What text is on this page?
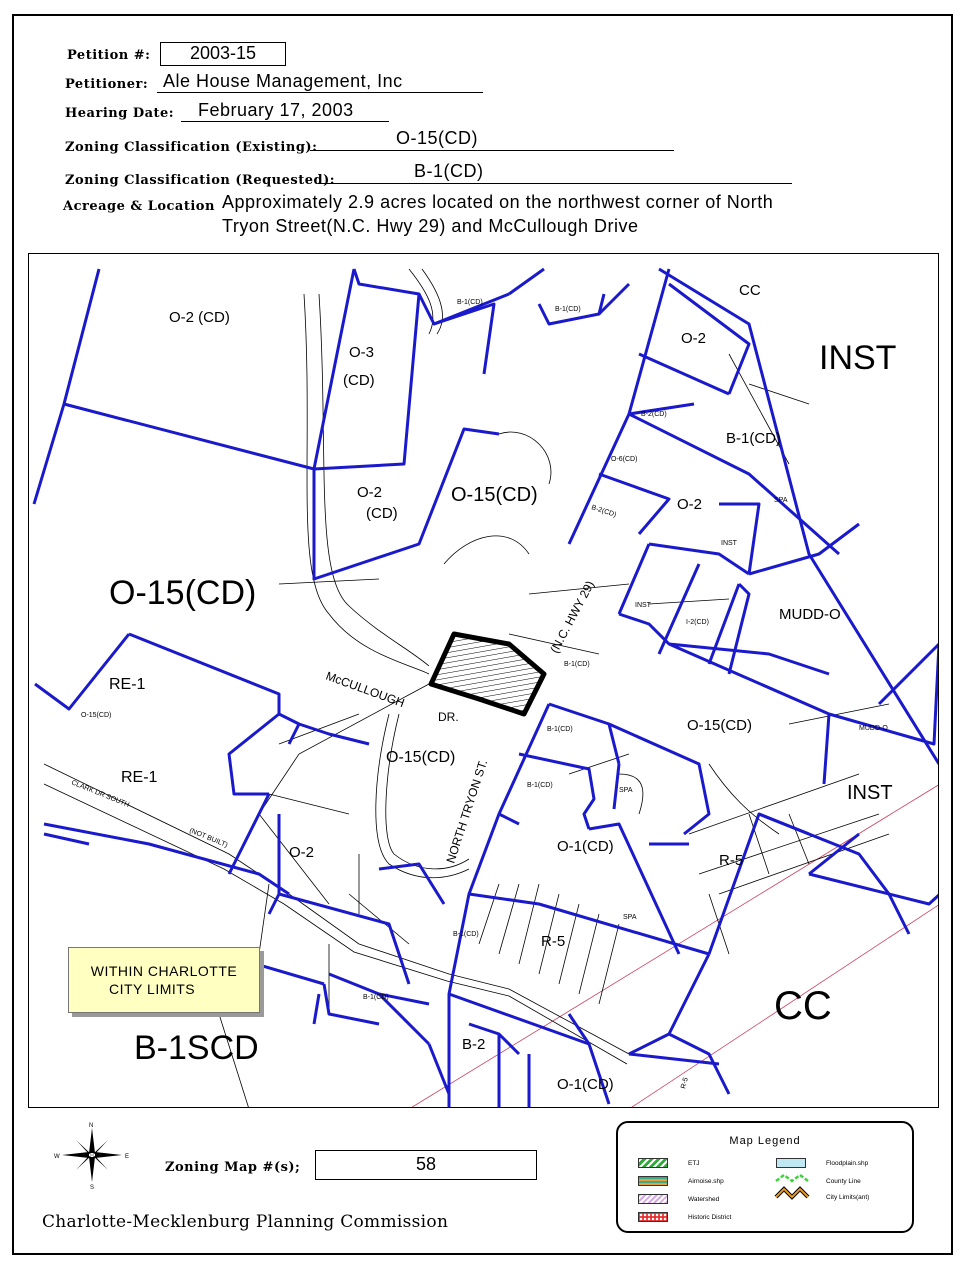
Petition #:	2003-15
Petitioner: Ale House Management, Inc
Hearing Date: February 17, 2003
Zoning Classification (Existing):	O-15(CD)
Zoning Classification (Requested):	B-1(CD)
Acreage & Location Approximately 2.9 acres located on the northwest corner of North
Tryon Street(N.C. Hwy 29) and McCullough Drive
O-15(CD)
INST
CC
B-1SCD
O-2 (CD)
O-3
(CD)
O-2
(CD)
O-15(CD)
CC
O-2
B-1(CD)
O-2
MUDD-O
RE-1
O-15(CD)
RE-1
O-15(CD)
O-2
INST
O-1(CD)
R-5
R-5
B-2
O-1(CD)
B-1(CD)
B-1(CD)
B-2(CD)
O-6(CD)
B-2(CD)
INST
INST
I-2(CD)
SPA
B-1(CD)
O-15(CD)
MUDD-O
B-1(CD)
B-1(CD)
SPA
SPA
B-1(CD)
B-1(CD)
R-5
McCULLOUGH
DR.
NORTH TRYON ST.
(N.C. HWY 29)
CLARK DR SOUTH
(NOT BUILT)
WITHIN CHARLOTTE
CITY LIMITS
N
S
W	E
Zoning Map #(s);	58
Map Legend
ETJ
Airnoise.shp
Watershed
Historic District
Floodplain.shp
County Line
City Limits(ant)
Charlotte-Mecklenburg Planning Commission
